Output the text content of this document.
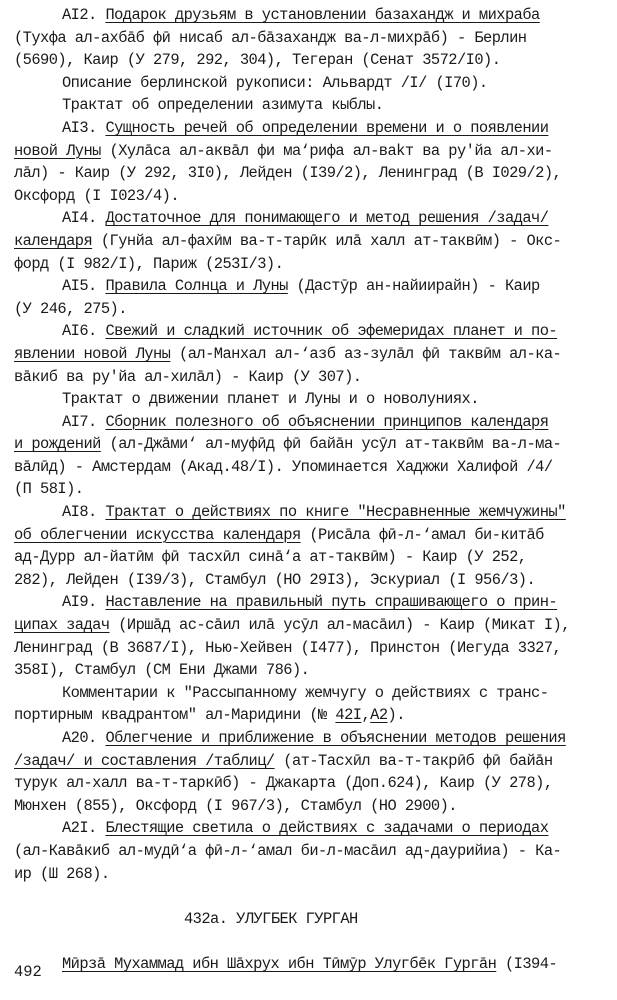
AI2. Подарок друзьям в установлении базахандж и михраба
(Тухфа ал-ахбāб фӣ нисаб ал-бāзахандж ва-л-михрāб) - Берлин
(5690), Каир (У 279, 292, 304), Тегеран (Сенат 3572/I0).
Описание берлинской рукописи: Альвардт /I/ (I70).
Трактат об определении азимута кыблы.
AI3. Сущность речей об определении времени и о появлении
новой Луны (Хулāса ал-аквāл фи ма‘рифа ал-ваkт ва ру'йа ал-хи-
лāл) - Каир (У 292, 3I0), Лейден (I39/2), Ленинград (В I029/2),
Оксфорд (I I023/4).
AI4. Достаточное для понимающего и метод решения /задач/
календаря (Гунйа ал-фахӣм ва-т-тарӣк илā халл ат-таквӣм) - Окс-
форд (I 982/I), Париж (253I/3).
AI5. Правила Солнца и Луны (Дастӯр ан-найиирайн) - Каир
(У 246, 275).
AI6. Свежий и сладкий источник об эфемеридах планет и по-
явлении новой Луны (ал-Манхал ал-‘азб аз-зулāл фӣ таквӣм ал-ка-
вāкиб ва ру'йа ал-хилāл) - Каир (У 307).
Трактат о движении планет и Луны и о новолуниях.
AI7. Сборник полезного об объяснении принципов календаря
и рождений (ал-Джāми‘ ал-муфӣд фӣ байāн усӯл ат-таквӣм ва-л-ма-
вāлӣд) - Амстердам (Акад.48/I). Упоминается Хаджжи Халифой /4/
(П 58I).
AI8. Трактат о действиях по книге "Несравненные жемчужины"
об облегчении искусства календаря (Рисāла фӣ-л-‘амал би-китāб
ад-Дурр ал-йатӣм фӣ тасхӣл синā‘а ат-таквӣм) - Каир (У 252,
282), Лейден (I39/3), Стамбул (НО 29I3), Эскуриал (I 956/3).
AI9. Наставление на правильный путь спрашивающего о прин-
ципах задач (Иршāд ас-сāил илā усӯл ал-масāил) - Каир (Микат I),
Ленинград (В 3687/I), Нью-Хейвен (I477), Принстон (Иегуда 3327,
358I), Стамбул (СМ Ени Джами 786).
Комментарии к "Рассыпанному жемчугу о действиях с транс-
портирным квадрантом" ал-Маридини (№ 42I,A2).
A20. Облегчение и приближение в объяснении методов решения
/задач/ и составления /таблиц/ (ат-Тасхӣл ва-т-такрӣб фӣ байāн
турук ал-халл ва-т-таркӣб) - Джакарта (Доп.624), Каир (У 278),
Мюнхен (855), Оксфорд (I 967/3), Стамбул (НО 2900).
A2I. Блестящие светила о действиях с задачами о периодах
(ал-Кавāкиб ал-мудӣ‘а фӣ-л-‘амал би-л-масāил ад-даурийиа) - Ка-
ир (Ш 268).
432а. УЛУГБЕК ГУРГАН
Мӣрзā Мухаммад ибн Шāхрух ибн Тӣмӯр Улугбēк Гургāн (I394-
492
